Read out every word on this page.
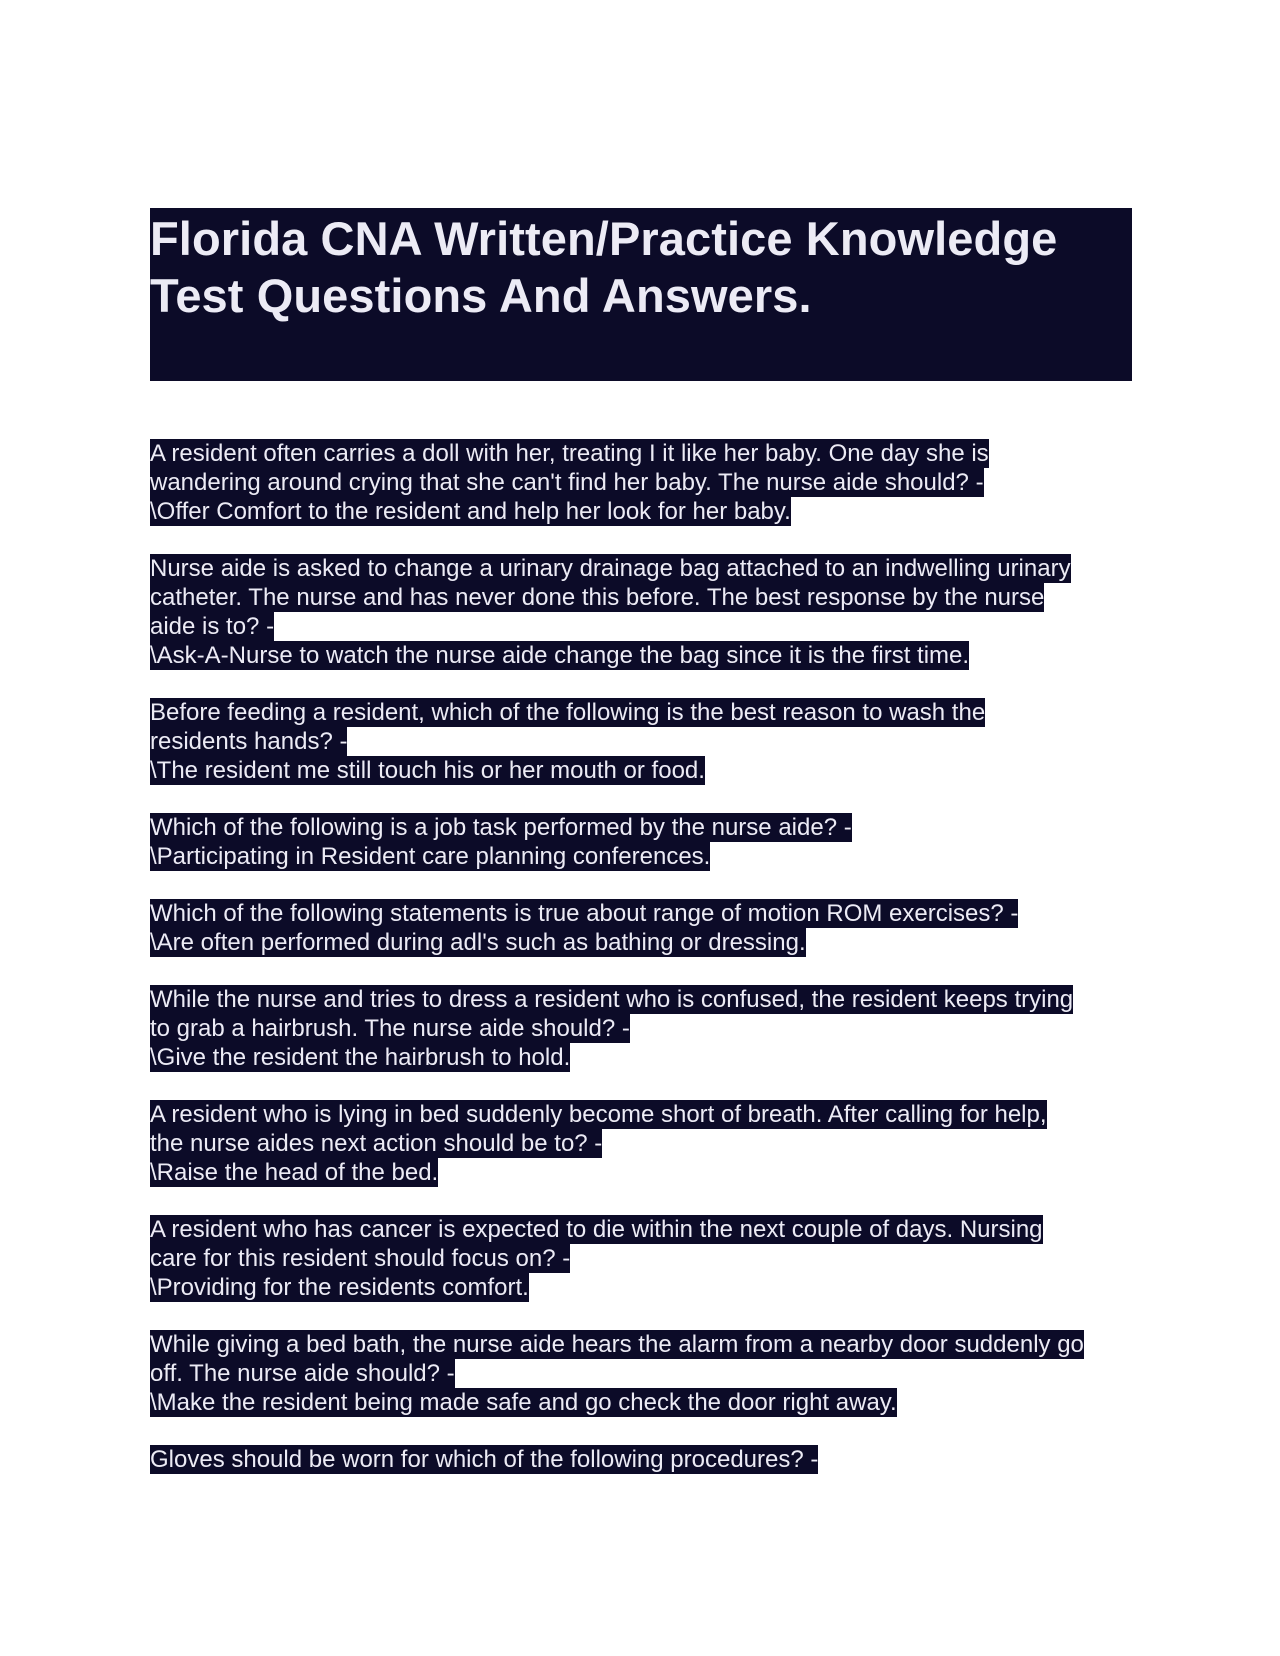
Florida CNA Written/Practice Knowledge Test Questions And Answers.
A resident often carries a doll with her, treating I it like her baby. One day she is
wandering around crying that she can't find her baby. The nurse aide should? -
\Offer Comfort to the resident and help her look for her baby.
Nurse aide is asked to change a urinary drainage bag attached to an indwelling urinary
catheter. The nurse and has never done this before. The best response by the nurse
aide is to? -
\Ask-A-Nurse to watch the nurse aide change the bag since it is the first time.
Before feeding a resident, which of the following is the best reason to wash the
residents hands? -
\The resident me still touch his or her mouth or food.
Which of the following is a job task performed by the nurse aide? -
\Participating in Resident care planning conferences.
Which of the following statements is true about range of motion ROM exercises? -
\Are often performed during adl's such as bathing or dressing.
While the nurse and tries to dress a resident who is confused, the resident keeps trying
to grab a hairbrush. The nurse aide should? -
\Give the resident the hairbrush to hold.
A resident who is lying in bed suddenly become short of breath. After calling for help,
the nurse aides next action should be to? -
\Raise the head of the bed.
A resident who has cancer is expected to die within the next couple of days. Nursing
care for this resident should focus on? -
\Providing for the residents comfort.
While giving a bed bath, the nurse aide hears the alarm from a nearby door suddenly go
off. The nurse aide should? -
\Make the resident being made safe and go check the door right away.
Gloves should be worn for which of the following procedures? -
